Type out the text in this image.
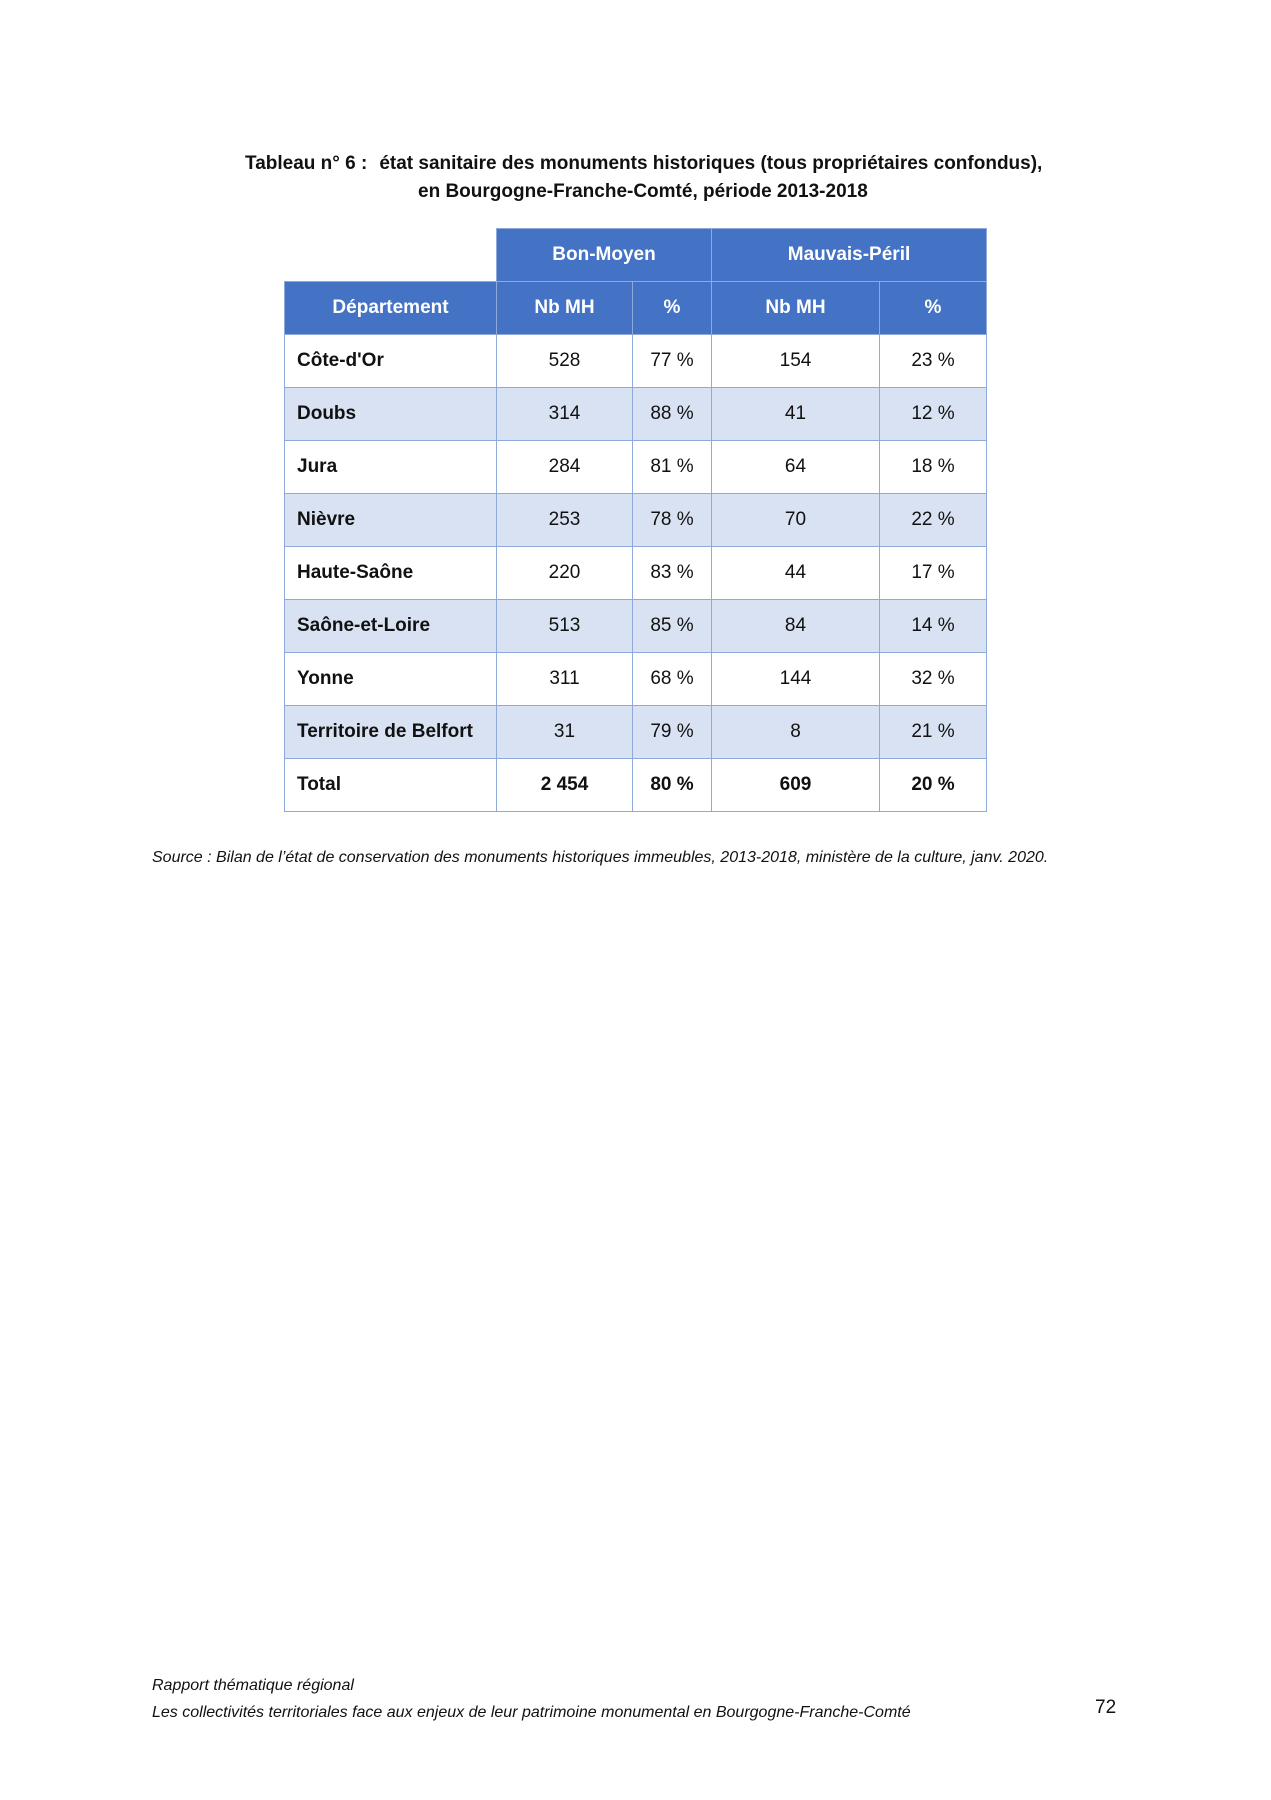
Tableau n° 6 : état sanitaire des monuments historiques (tous propriétaires confondus),
en Bourgogne-Franche-Comté, période 2013-2018
	Bon-Moyen		Mauvais-Péril	
Département	Nb MH	%	Nb MH	%
Côte-d'Or	528	77 %	154	23 %
Doubs	314	88 %	41	12 %
Jura	284	81 %	64	18 %
Nièvre	253	78 %	70	22 %
Haute-Saône	220	83 %	44	17 %
Saône-et-Loire	513	85 %	84	14 %
Yonne	311	68 %	144	32 %
Territoire de Belfort	31	79 %	8	21 %
Total	2 454	80 %	609	20 %
Source : Bilan de l’état de conservation des monuments historiques immeubles, 2013-2018, ministère de la culture, janv. 2020.
Rapport thématique régional
Les collectivités territoriales face aux enjeux de leur patrimoine monumental en Bourgogne-Franche-Comté	72
